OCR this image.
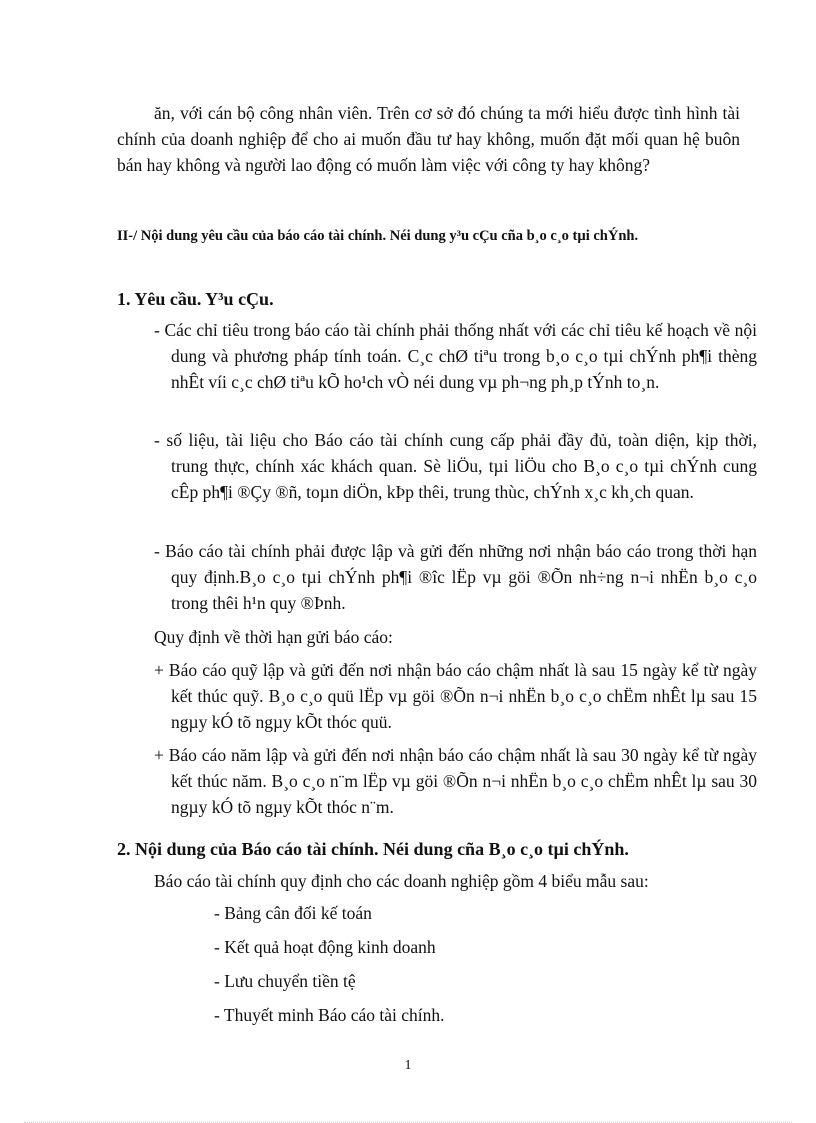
ăn, với cán bộ công nhân viên. Trên cơ sở đó chúng ta mới hiểu được tình hình tài chính của doanh nghiệp để cho ai muốn đầu tư hay không, muốn đặt mối quan hệ buôn bán hay không và người lao động có muốn làm việc với công ty hay không?

II-/ Nội dung yêu cầu của báo cáo tài chính. Néi dung y³u cÇu cña b¸o c¸o tµi chÝnh.

1. Yêu cầu. Y³u cÇu.

- Các chỉ tiêu trong báo cáo tài chính phải thống nhất với các chỉ tiêu kế hoạch về nội dung và phương pháp tính toán. C¸c chØ tiªu trong b¸o c¸o tµi chÝnh ph¶i thèng nhÊt víi c¸c chØ tiªu kÕ ho¹ch vÒ néi dung vµ ph¬ng ph¸p tÝnh to¸n.

- số liệu, tài liệu cho Báo cáo tài chính cung cấp phải đầy đủ, toàn diện, kịp thời, trung thực, chính xác khách quan. Sè liÖu, tµi liÖu cho B¸o c¸o tµi chÝnh cung cÊp ph¶i ®Çy ®ñ, toµn diÖn, kÞp thêi, trung thùc, chÝnh x¸c kh¸ch quan.

- Báo cáo tài chính phải được lập và gửi đến những nơi nhận báo cáo trong thời hạn quy định.B¸o c¸o tµi chÝnh ph¶i ®îc lËp vµ göi ®Õn nh÷ng n¬i nhËn b¸o c¸o trong thêi h¹n quy ®Þnh.

Quy định về thời hạn gửi báo cáo:

+ Báo cáo quỹ lập và gửi đến nơi nhận báo cáo chậm nhất là sau 15 ngày kể từ ngày kết thúc quỹ. B¸o c¸o quü lËp vµ göi ®Õn n¬i nhËn b¸o c¸o chËm nhÊt lµ sau 15 ngµy kÓ tõ ngµy kÕt thóc quü.

+ Báo cáo năm lập và gửi đến nơi nhận báo cáo chậm nhất là sau 30 ngày kể từ ngày kết thúc năm. B¸o c¸o n¨m lËp vµ göi ®Õn n¬i nhËn b¸o c¸o chËm nhÊt lµ sau 30 ngµy kÓ tõ ngµy kÕt thóc n¨m.

2. Nội dung của Báo cáo tài chính. Néi dung cña B¸o c¸o tµi chÝnh.

Báo cáo tài chính quy định cho các doanh nghiệp gồm 4 biểu mẫu sau:

- Bảng cân đối kế toán
- Kết quả hoạt động kinh doanh
- Lưu chuyển tiền tệ
- Thuyết minh Báo cáo tài chính.
1
